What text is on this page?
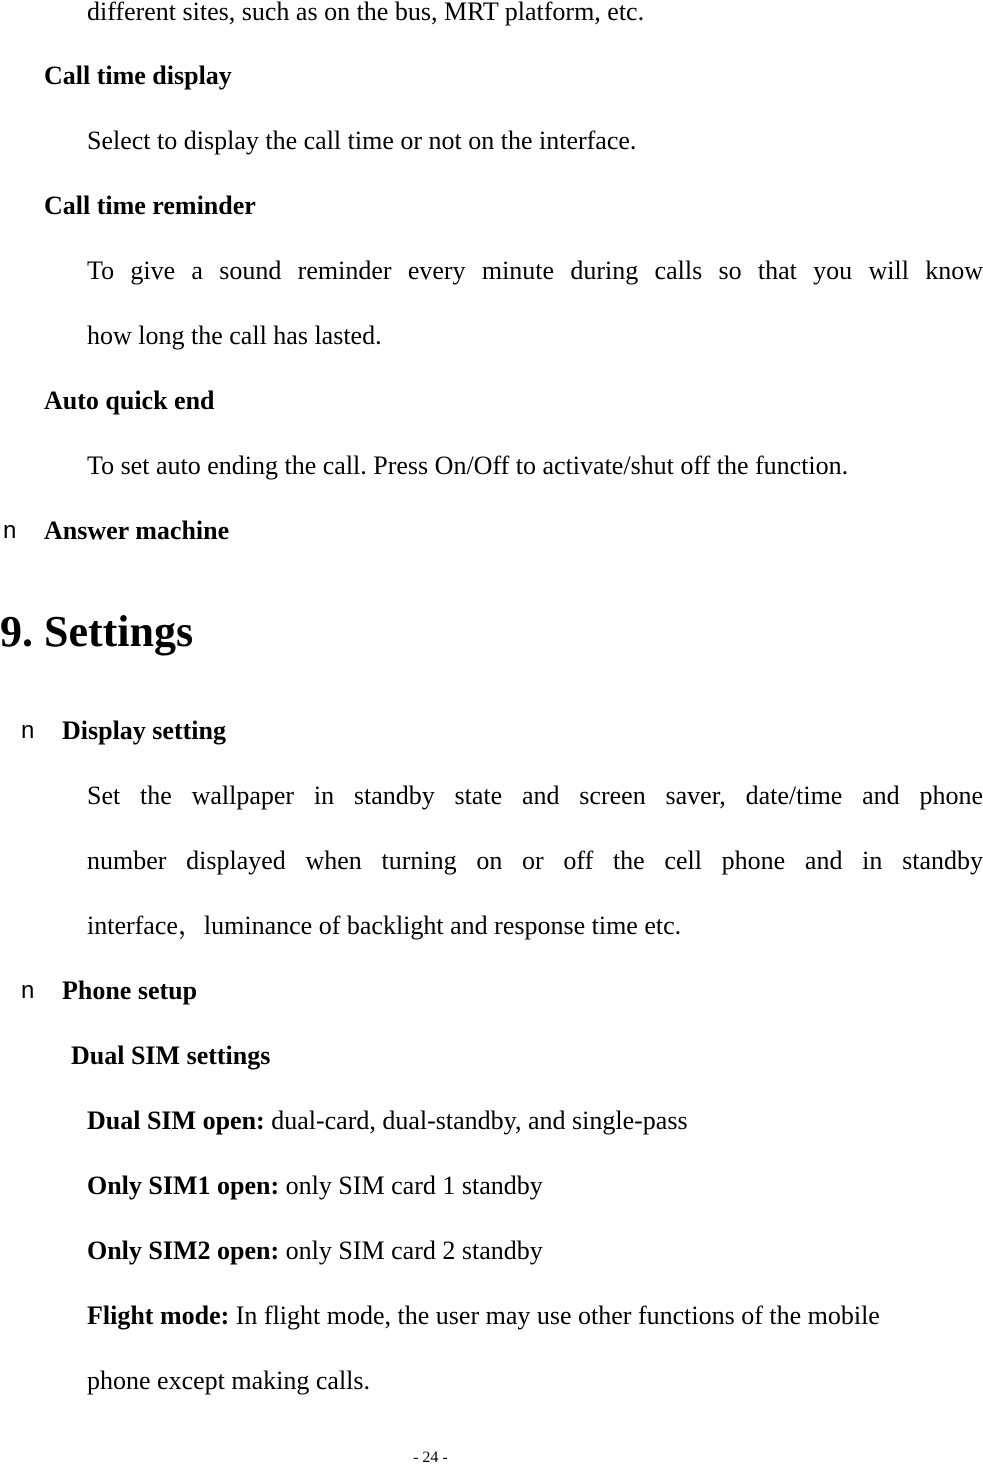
different sites, such as on the bus, MRT platform, etc.
Call time display
Select to display the call time or not on the interface.
Call time reminder
To give a sound reminder every minute during calls so that you will know
how long the call has lasted.
Auto quick end
To set auto ending the call. Press On/Off to activate/shut off the function.
n Answer machine
9. Settings
n Display setting
Set the wallpaper in standby state and screen saver, date/time and phone
number displayed when turning on or off the cell phone and in standby
interface，luminance of backlight and response time etc.
n Phone setup
Dual SIM settings
Dual SIM open: dual-card, dual-standby, and single-pass
Only SIM1 open: only SIM card 1 standby
Only SIM2 open: only SIM card 2 standby
Flight mode: In flight mode, the user may use other functions of the mobile
phone except making calls.
- 24 -
